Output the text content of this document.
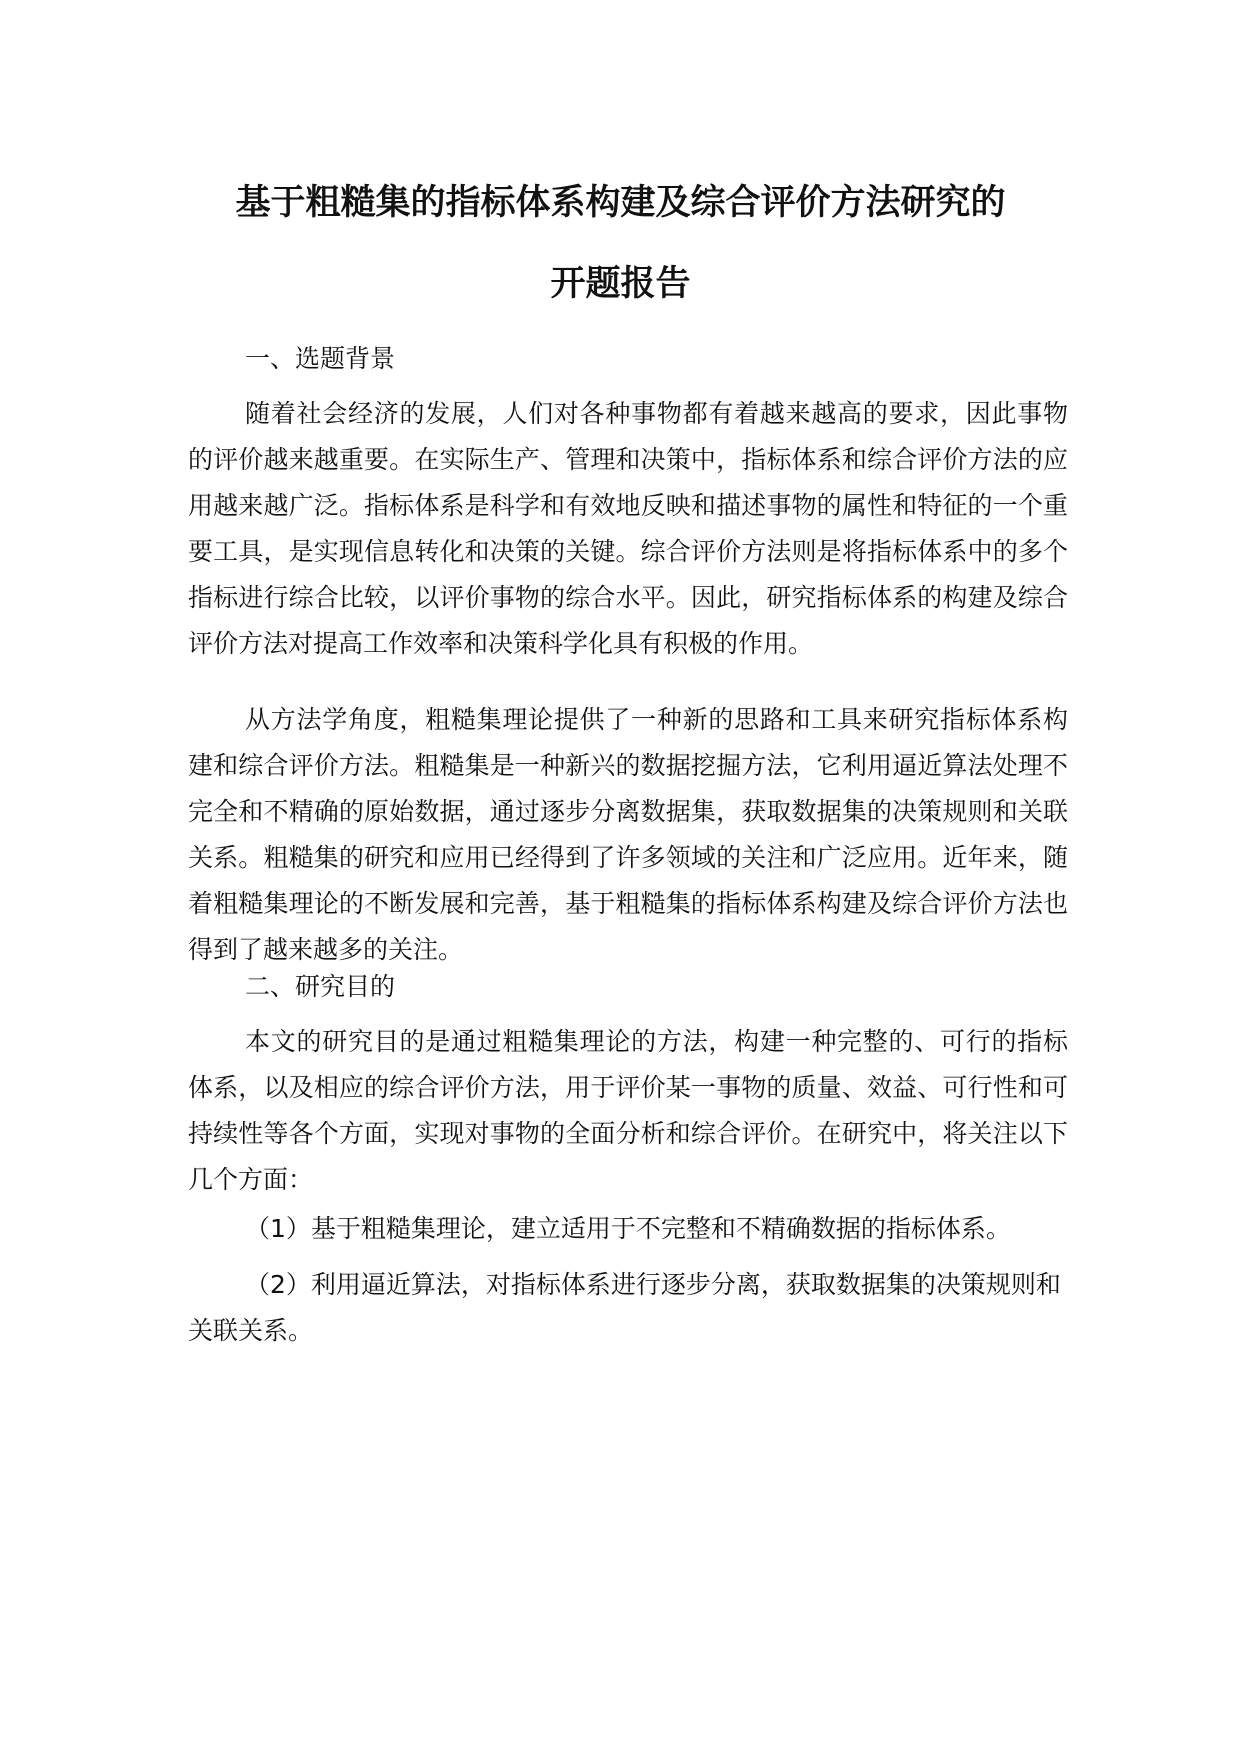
基于粗糙集的指标体系构建及综合评价方法研究的
开题报告

一、选题背景

随着社会经济的发展，人们对各种事物都有着越来越高的要求，因此事物的评价越来越重要。在实际生产、管理和决策中，指标体系和综合评价方法的应用越来越广泛。指标体系是科学和有效地反映和描述事物的属性和特征的一个重要工具，是实现信息转化和决策的关键。综合评价方法则是将指标体系中的多个指标进行综合比较，以评价事物的综合水平。因此，研究指标体系的构建及综合评价方法对提高工作效率和决策科学化具有积极的作用。

从方法学角度，粗糙集理论提供了一种新的思路和工具来研究指标体系构建和综合评价方法。粗糙集是一种新兴的数据挖掘方法，它利用逼近算法处理不完全和不精确的原始数据，通过逐步分离数据集，获取数据集的决策规则和关联关系。粗糙集的研究和应用已经得到了许多领域的关注和广泛应用。近年来，随着粗糙集理论的不断发展和完善，基于粗糙集的指标体系构建及综合评价方法也得到了越来越多的关注。

二、研究目的

本文的研究目的是通过粗糙集理论的方法，构建一种完整的、可行的指标体系，以及相应的综合评价方法，用于评价某一事物的质量、效益、可行性和可持续性等各个方面，实现对事物的全面分析和综合评价。在研究中，将关注以下几个方面：

（1）基于粗糙集理论，建立适用于不完整和不精确数据的指标体系。

（2）利用逼近算法，对指标体系进行逐步分离，获取数据集的决策规则和关联关系。
